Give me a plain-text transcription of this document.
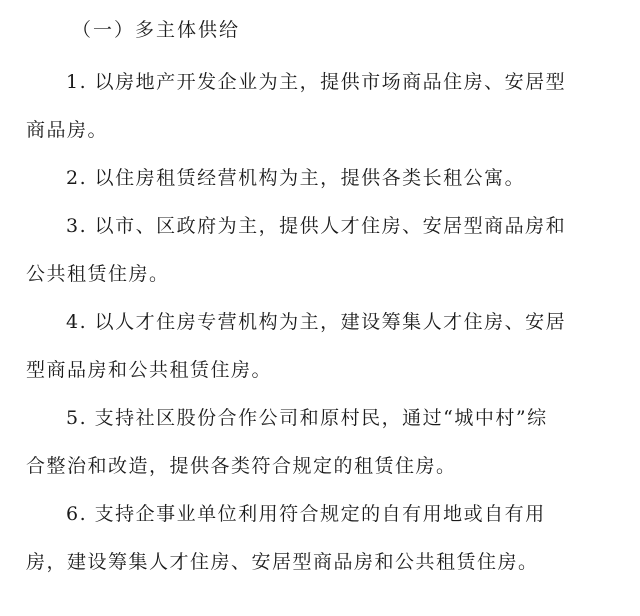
（一）多主体供给
1. 以房地产开发企业为主，提供市场商品住房、安居型
商品房。
2. 以住房租赁经营机构为主，提供各类长租公寓。
3. 以市、区政府为主，提供人才住房、安居型商品房和
公共租赁住房。
4. 以人才住房专营机构为主，建设筹集人才住房、安居
型商品房和公共租赁住房。
5. 支持社区股份合作公司和原村民，通过“城中村”综
合整治和改造，提供各类符合规定的租赁住房。
6. 支持企事业单位利用符合规定的自有用地或自有用
房，建设筹集人才住房、安居型商品房和公共租赁住房。
